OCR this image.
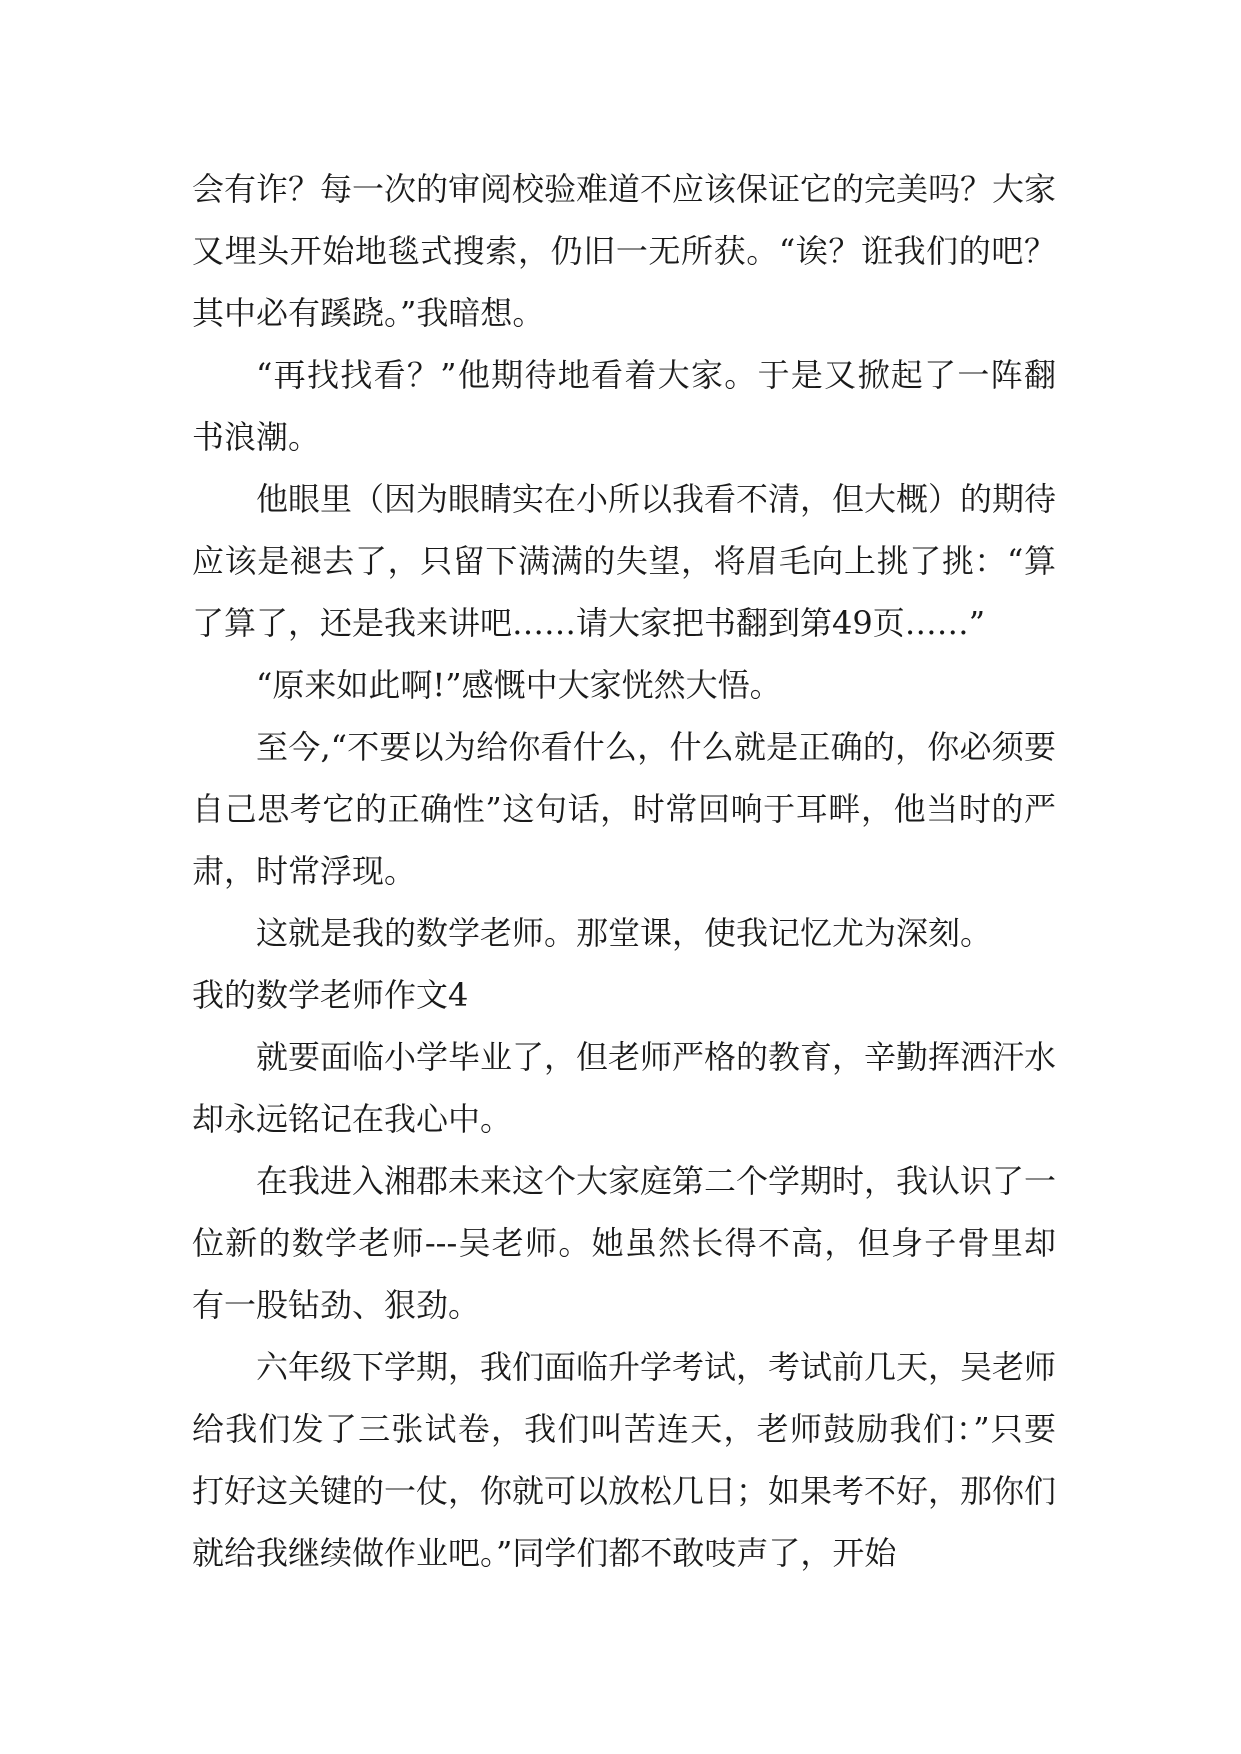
会有诈？每一次的审阅校验难道不应该保证它的完美吗？大家又埋头开始地毯式搜索，仍旧一无所获。“诶？诳我们的吧？其中必有蹊跷。”我暗想。

“再找找看？”他期待地看着大家。于是又掀起了一阵翻书浪潮。

他眼里（因为眼睛实在小所以我看不清，但大概）的期待应该是褪去了，只留下满满的失望，将眉毛向上挑了挑：“算了算了，还是我来讲吧……请大家把书翻到第49页……”

“原来如此啊!”感慨中大家恍然大悟。

至今,“不要以为给你看什么，什么就是正确的，你必须要自己思考它的正确性”这句话，时常回响于耳畔，他当时的严肃，时常浮现。

这就是我的数学老师。那堂课，使我记忆尤为深刻。

我的数学老师作文4

就要面临小学毕业了，但老师严格的教育，辛勤挥洒汗水却永远铭记在我心中。

在我进入湘郡未来这个大家庭第二个学期时，我认识了一位新的数学老师---吴老师。她虽然长得不高，但身子骨里却有一股钻劲、狠劲。

六年级下学期，我们面临升学考试，考试前几天，吴老师给我们发了三张试卷，我们叫苦连天，老师鼓励我们：”只要打好这关键的一仗，你就可以放松几日；如果考不好，那你们就给我继续做作业吧。”同学们都不敢吱声了，开始
